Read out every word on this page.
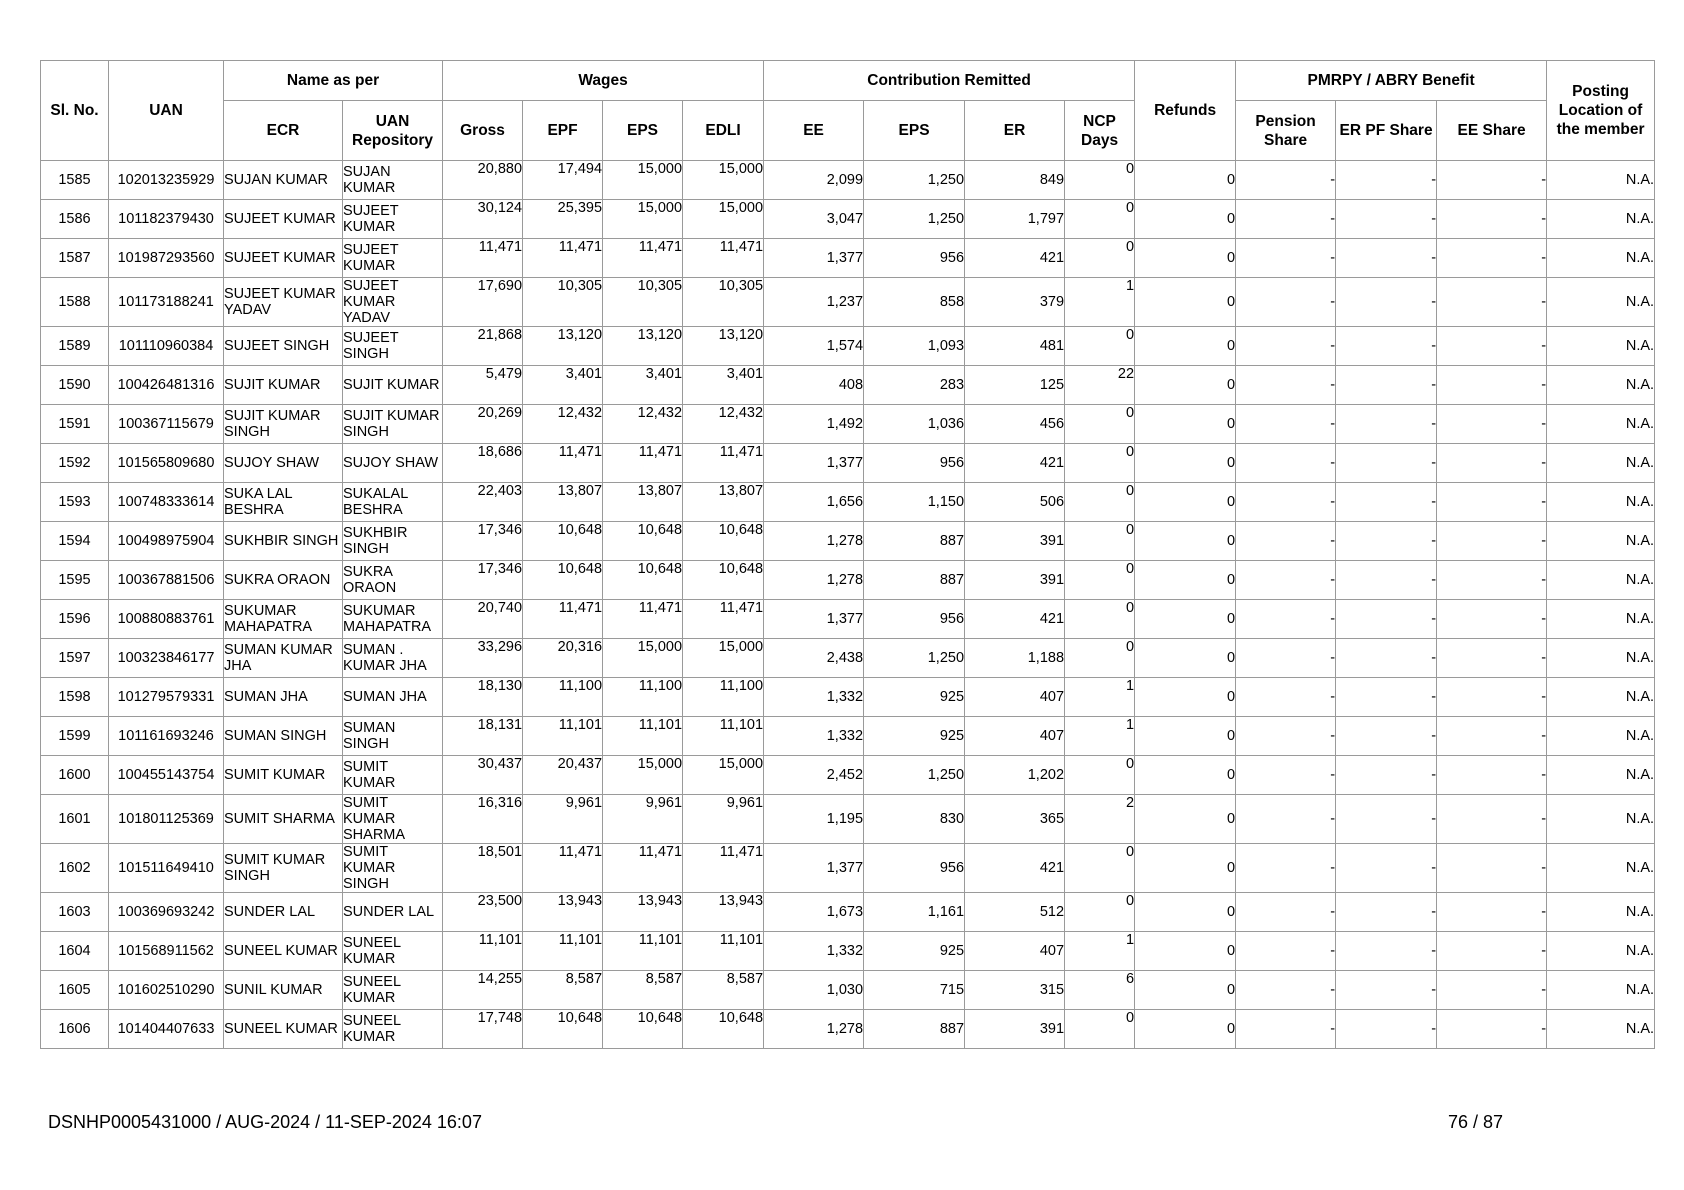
Sl. No.	UAN	Name as per		Wages				Contribution Remitted				Refunds	PMRPY / ABRY Benefit			Posting Location of the member
		ECR	UAN Repository	Gross	EPF	EPS	EDLI	EE	EPS	ER	NCP Days		Pension Share	ER PF Share	EE Share	
1585	102013235929	SUJAN KUMAR	SUJAN KUMAR	20,880	17,494	15,000	15,000	2,099	1,250	849	0	0	-	-	-	N.A.
1586	101182379430	SUJEET KUMAR	SUJEET KUMAR	30,124	25,395	15,000	15,000	3,047	1,250	1,797	0	0	-	-	-	N.A.
1587	101987293560	SUJEET KUMAR	SUJEET KUMAR	11,471	11,471	11,471	11,471	1,377	956	421	0	0	-	-	-	N.A.
1588	101173188241	SUJEET KUMAR YADAV	SUJEET KUMAR YADAV	17,690	10,305	10,305	10,305	1,237	858	379	1	0	-	-	-	N.A.
1589	101110960384	SUJEET SINGH	SUJEET SINGH	21,868	13,120	13,120	13,120	1,574	1,093	481	0	0	-	-	-	N.A.
1590	100426481316	SUJIT KUMAR	SUJIT KUMAR	5,479	3,401	3,401	3,401	408	283	125	22	0	-	-	-	N.A.
1591	100367115679	SUJIT KUMAR SINGH	SUJIT KUMAR SINGH	20,269	12,432	12,432	12,432	1,492	1,036	456	0	0	-	-	-	N.A.
1592	101565809680	SUJOY SHAW	SUJOY SHAW	18,686	11,471	11,471	11,471	1,377	956	421	0	0	-	-	-	N.A.
1593	100748333614	SUKA LAL BESHRA	SUKALAL BESHRA	22,403	13,807	13,807	13,807	1,656	1,150	506	0	0	-	-	-	N.A.
1594	100498975904	SUKHBIR SINGH	SUKHBIR SINGH	17,346	10,648	10,648	10,648	1,278	887	391	0	0	-	-	-	N.A.
1595	100367881506	SUKRA ORAON	SUKRA ORAON	17,346	10,648	10,648	10,648	1,278	887	391	0	0	-	-	-	N.A.
1596	100880883761	SUKUMAR MAHAPATRA	SUKUMAR MAHAPATRA	20,740	11,471	11,471	11,471	1,377	956	421	0	0	-	-	-	N.A.
1597	100323846177	SUMAN KUMAR JHA	SUMAN . KUMAR JHA	33,296	20,316	15,000	15,000	2,438	1,250	1,188	0	0	-	-	-	N.A.
1598	101279579331	SUMAN JHA	SUMAN JHA	18,130	11,100	11,100	11,100	1,332	925	407	1	0	-	-	-	N.A.
1599	101161693246	SUMAN SINGH	SUMAN SINGH	18,131	11,101	11,101	11,101	1,332	925	407	1	0	-	-	-	N.A.
1600	100455143754	SUMIT KUMAR	SUMIT KUMAR	30,437	20,437	15,000	15,000	2,452	1,250	1,202	0	0	-	-	-	N.A.
1601	101801125369	SUMIT SHARMA	SUMIT KUMAR SHARMA	16,316	9,961	9,961	9,961	1,195	830	365	2	0	-	-	-	N.A.
1602	101511649410	SUMIT KUMAR SINGH	SUMIT KUMAR SINGH	18,501	11,471	11,471	11,471	1,377	956	421	0	0	-	-	-	N.A.
1603	100369693242	SUNDER LAL	SUNDER LAL	23,500	13,943	13,943	13,943	1,673	1,161	512	0	0	-	-	-	N.A.
1604	101568911562	SUNEEL KUMAR	SUNEEL KUMAR	11,101	11,101	11,101	11,101	1,332	925	407	1	0	-	-	-	N.A.
1605	101602510290	SUNIL KUMAR	SUNEEL KUMAR	14,255	8,587	8,587	8,587	1,030	715	315	6	0	-	-	-	N.A.
1606	101404407633	SUNEEL KUMAR	SUNEEL KUMAR	17,748	10,648	10,648	10,648	1,278	887	391	0	0	-	-	-	N.A.
DSNHP0005431000 / AUG-2024 / 11-SEP-2024 16:07	76 / 87
